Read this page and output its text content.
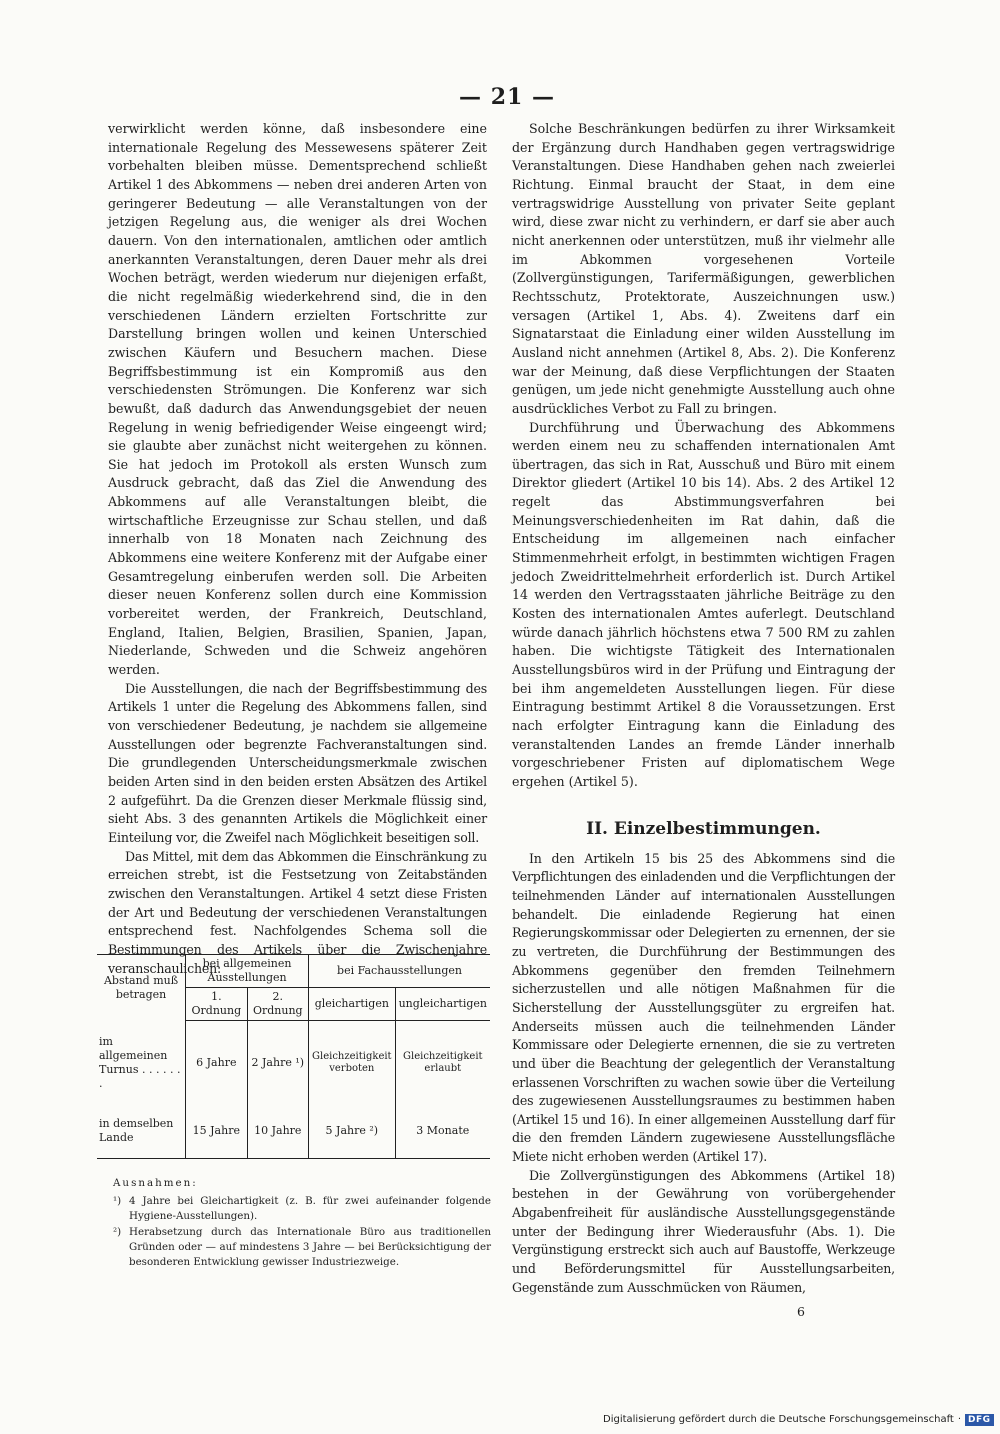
— 21 —

verwirklicht werden könne, daß insbesondere eine internationale Regelung des Messewesens späterer Zeit vorbehalten bleiben müsse. Dementsprechend schließt Artikel 1 des Abkommens — neben drei anderen Arten von geringerer Bedeutung — alle Veranstaltungen von der jetzigen Regelung aus, die weniger als drei Wochen dauern. Von den internationalen, amtlichen oder amtlich anerkannten Veranstaltungen, deren Dauer mehr als drei Wochen beträgt, werden wiederum nur diejenigen erfaßt, die nicht regelmäßig wiederkehrend sind, die in den verschiedenen Ländern erzielten Fortschritte zur Darstellung bringen wollen und keinen Unterschied zwischen Käufern und Besuchern machen. Diese Begriffsbestimmung ist ein Kompromiß aus den verschiedensten Strömungen. Die Konferenz war sich bewußt, daß dadurch das Anwendungsgebiet der neuen Regelung in wenig befriedigender Weise eingeengt wird; sie glaubte aber zunächst nicht weitergehen zu können. Sie hat jedoch im Protokoll als ersten Wunsch zum Ausdruck gebracht, daß das Ziel die Anwendung des Abkommens auf alle Veranstaltungen bleibt, die wirtschaftliche Erzeugnisse zur Schau stellen, und daß innerhalb von 18 Monaten nach Zeichnung des Abkommens eine weitere Konferenz mit der Aufgabe einer Gesamtregelung einberufen werden soll. Die Arbeiten dieser neuen Konferenz sollen durch eine Kommission vorbereitet werden, der Frankreich, Deutschland, England, Italien, Belgien, Brasilien, Spanien, Japan, Niederlande, Schweden und die Schweiz angehören werden.

Die Ausstellungen, die nach der Begriffsbestimmung des Artikels 1 unter die Regelung des Abkommens fallen, sind von verschiedener Bedeutung, je nachdem sie allgemeine Ausstellungen oder begrenzte Fachveranstaltungen sind. Die grundlegenden Unterscheidungsmerkmale zwischen beiden Arten sind in den beiden ersten Absätzen des Artikel 2 aufgeführt. Da die Grenzen dieser Merkmale flüssig sind, sieht Abs. 3 des genannten Artikels die Möglichkeit einer Einteilung vor, die Zweifel nach Möglichkeit beseitigen soll.

Das Mittel, mit dem das Abkommen die Einschränkung zu erreichen strebt, ist die Festsetzung von Zeitabständen zwischen den Veranstaltungen. Artikel 4 setzt diese Fristen der Art und Bedeutung der verschiedenen Veranstaltungen entsprechend fest. Nachfolgendes Schema soll die Bestimmungen des Artikels über die Zwischenjahre veranschaulichen:

Abstand muß betragen	bei allgemeinen Ausstellungen		bei Fachausstellungen	
	1. Ordnung	2. Ordnung	gleichartigen	ungleichartigen
im allgemeinen Turnus . . . . . . .	6 Jahre	2 Jahre ¹)	Gleichzeitigkeit verboten	Gleichzeitigkeit erlaubt
in demselben Lande	15 Jahre	10 Jahre	5 Jahre ²)	3 Monate
Ausnahmen:
¹) 4 Jahre bei Gleichartigkeit (z. B. für zwei aufeinander folgende Hygiene-Ausstellungen).
²) Herabsetzung durch das Internationale Büro aus traditionellen Gründen oder — auf mindestens 3 Jahre — bei Berücksichtigung der besonderen Entwicklung gewisser Industriezweige.

Solche Beschränkungen bedürfen zu ihrer Wirksamkeit der Ergänzung durch Handhaben gegen vertragswidrige Veranstaltungen. Diese Handhaben gehen nach zweierlei Richtung. Einmal braucht der Staat, in dem eine vertragswidrige Ausstellung von privater Seite geplant wird, diese zwar nicht zu verhindern, er darf sie aber auch nicht anerkennen oder unterstützen, muß ihr vielmehr alle im Abkommen vorgesehenen Vorteile (Zollvergünstigungen, Tarifermäßigungen, gewerblichen Rechtsschutz, Protektorate, Auszeichnungen usw.) versagen (Artikel 1, Abs. 4). Zweitens darf ein Signatarstaat die Einladung einer wilden Ausstellung im Ausland nicht annehmen (Artikel 8, Abs. 2). Die Konferenz war der Meinung, daß diese Verpflichtungen der Staaten genügen, um jede nicht genehmigte Ausstellung auch ohne ausdrückliches Verbot zu Fall zu bringen.

Durchführung und Überwachung des Abkommens werden einem neu zu schaffenden internationalen Amt übertragen, das sich in Rat, Ausschuß und Büro mit einem Direktor gliedert (Artikel 10 bis 14). Abs. 2 des Artikel 12 regelt das Abstimmungsverfahren bei Meinungsverschiedenheiten im Rat dahin, daß die Entscheidung im allgemeinen nach einfacher Stimmenmehrheit erfolgt, in bestimmten wichtigen Fragen jedoch Zweidrittelmehrheit erforderlich ist. Durch Artikel 14 werden den Vertragsstaaten jährliche Beiträge zu den Kosten des internationalen Amtes auferlegt. Deutschland würde danach jährlich höchstens etwa 7 500 RM zu zahlen haben. Die wichtigste Tätigkeit des Internationalen Ausstellungsbüros wird in der Prüfung und Eintragung der bei ihm angemeldeten Ausstellungen liegen. Für diese Eintragung bestimmt Artikel 8 die Voraussetzungen. Erst nach erfolgter Eintragung kann die Einladung des veranstaltenden Landes an fremde Länder innerhalb vorgeschriebener Fristen auf diplomatischem Wege ergehen (Artikel 5).

II. Einzelbestimmungen.

In den Artikeln 15 bis 25 des Abkommens sind die Verpflichtungen des einladenden und die Verpflichtungen der teilnehmenden Länder auf internationalen Ausstellungen behandelt. Die einladende Regierung hat einen Regierungskommissar oder Delegierten zu ernennen, der sie zu vertreten, die Durchführung der Bestimmungen des Abkommens gegenüber den fremden Teilnehmern sicherzustellen und alle nötigen Maßnahmen für die Sicherstellung der Ausstellungsgüter zu ergreifen hat. Anderseits müssen auch die teilnehmenden Länder Kommissare oder Delegierte ernennen, die sie zu vertreten und über die Beachtung der gelegentlich der Veranstaltung erlassenen Vorschriften zu wachen sowie über die Verteilung des zugewiesenen Ausstellungsraumes zu bestimmen haben (Artikel 15 und 16). In einer allgemeinen Ausstellung darf für die den fremden Ländern zugewiesene Ausstellungsfläche Miete nicht erhoben werden (Artikel 17).

Die Zollvergünstigungen des Abkommens (Artikel 18) bestehen in der Gewährung von vorübergehender Abgabenfreiheit für ausländische Ausstellungsgegenstände unter der Bedingung ihrer Wiederausfuhr (Abs. 1). Die Vergünstigung erstreckt sich auch auf Baustoffe, Werkzeuge und Beförderungsmittel für Ausstellungsarbeiten, Gegenstände zum Ausschmücken von Räumen,

6
Digitalisierung gefördert durch die Deutsche Forschungsgemeinschaft · DFG
